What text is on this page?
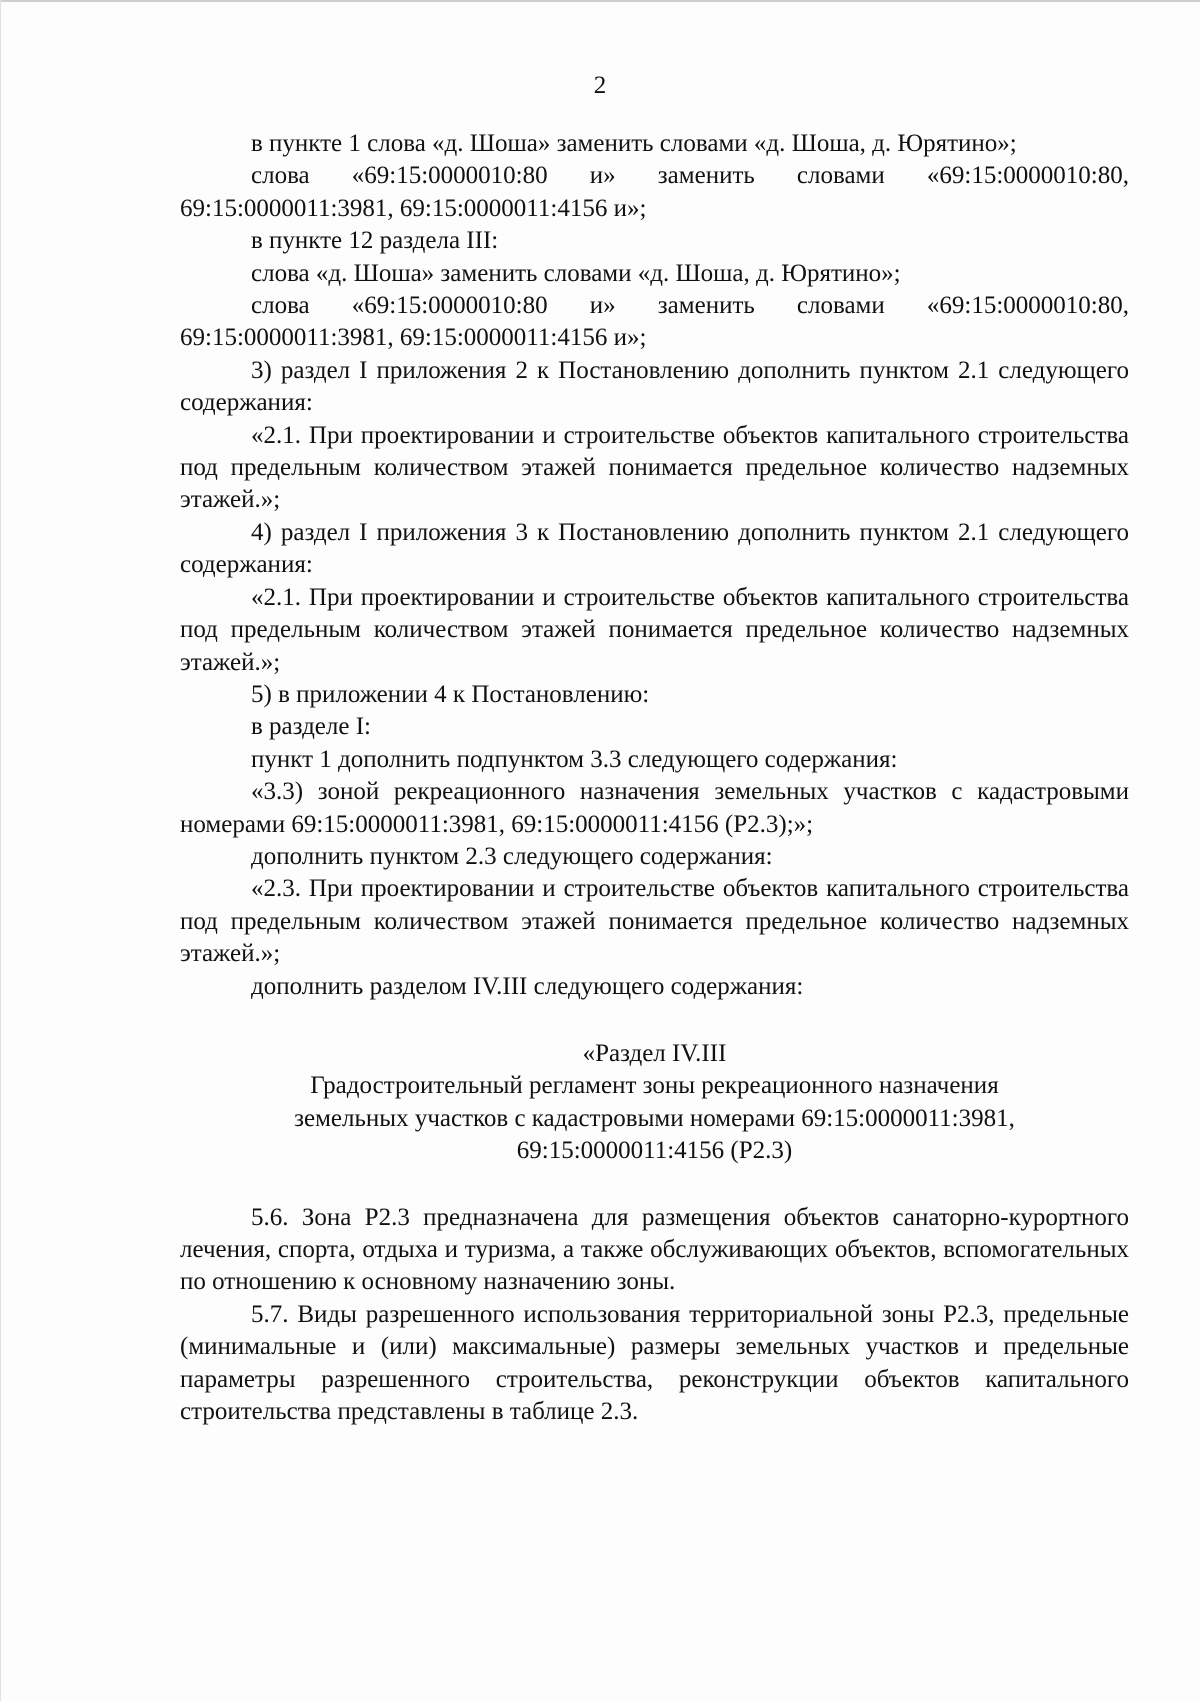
2

в пункте 1 слова «д. Шоша» заменить словами «д. Шоша, д. Юрятино»;

слова «69:15:0000010:80 и» заменить словами «69:15:0000010:80, 69:15:0000011:3981, 69:15:0000011:4156 и»;

в пункте 12 раздела III:

слова «д. Шоша» заменить словами «д. Шоша, д. Юрятино»;

слова «69:15:0000010:80 и» заменить словами «69:15:0000010:80, 69:15:0000011:3981, 69:15:0000011:4156 и»;

3) раздел I приложения 2 к Постановлению дополнить пунктом 2.1 следующего содержания:

«2.1. При проектировании и строительстве объектов капитального строительства под предельным количеством этажей понимается предельное количество надземных этажей.»;

4) раздел I приложения 3 к Постановлению дополнить пунктом 2.1 следующего содержания:

«2.1. При проектировании и строительстве объектов капитального строительства под предельным количеством этажей понимается предельное количество надземных этажей.»;

5) в приложении 4 к Постановлению:

в разделе I:

пункт 1 дополнить подпунктом 3.3 следующего содержания:

«3.3) зоной рекреационного назначения земельных участков с кадастровыми номерами 69:15:0000011:3981, 69:15:0000011:4156 (Р2.3);»;

дополнить пунктом 2.3 следующего содержания:

«2.3. При проектировании и строительстве объектов капитального строительства под предельным количеством этажей понимается предельное количество надземных этажей.»;

дополнить разделом IV.III следующего содержания:

«Раздел IV.III

Градостроительный регламент зоны рекреационного назначения

земельных участков с кадастровыми номерами 69:15:0000011:3981,

69:15:0000011:4156 (Р2.3)

5.6. Зона Р2.3 предназначена для размещения объектов санаторно-курортного лечения, спорта, отдыха и туризма, а также обслуживающих объектов, вспомогательных по отношению к основному назначению зоны.

5.7. Виды разрешенного использования территориальной зоны Р2.3, предельные (минимальные и (или) максимальные) размеры земельных участков и предельные параметры разрешенного строительства, реконструкции объектов капитального строительства представлены в таблице 2.3.
